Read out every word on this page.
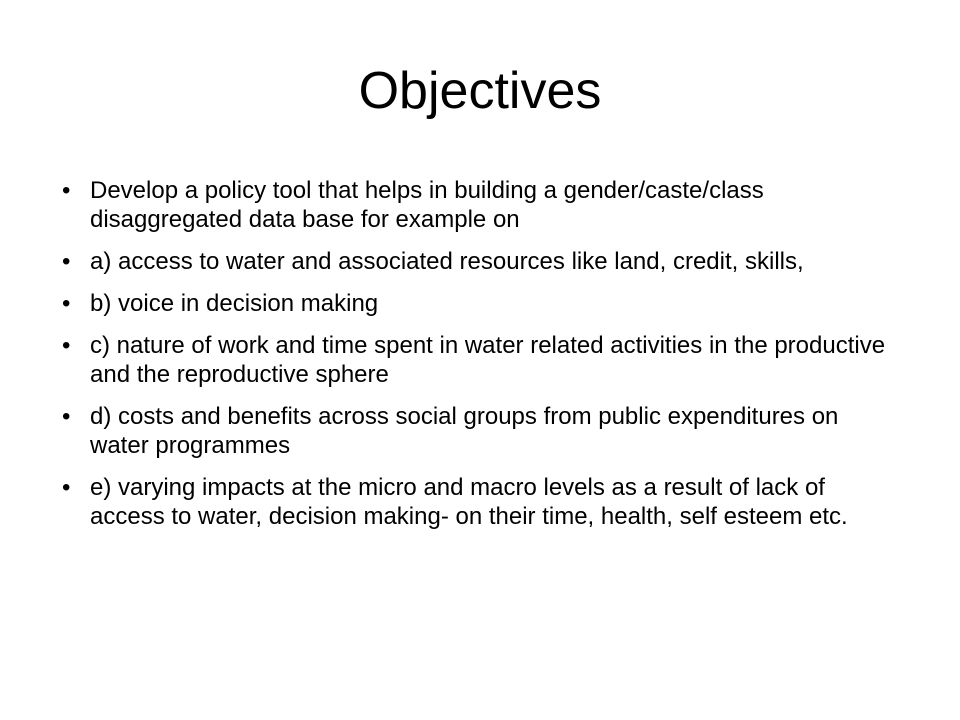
Objectives
• Develop a policy tool that helps in building a gender/caste/class disaggregated data base for example on
• a) access to water and associated resources like land, credit, skills,
• b) voice in decision making
• c) nature of work and time spent in water related activities in the productive and the reproductive sphere
• d) costs and benefits across social groups from public expenditures on water programmes
• e) varying impacts at the micro and macro levels as a result of lack of access to water, decision making- on their time, health, self esteem etc.
